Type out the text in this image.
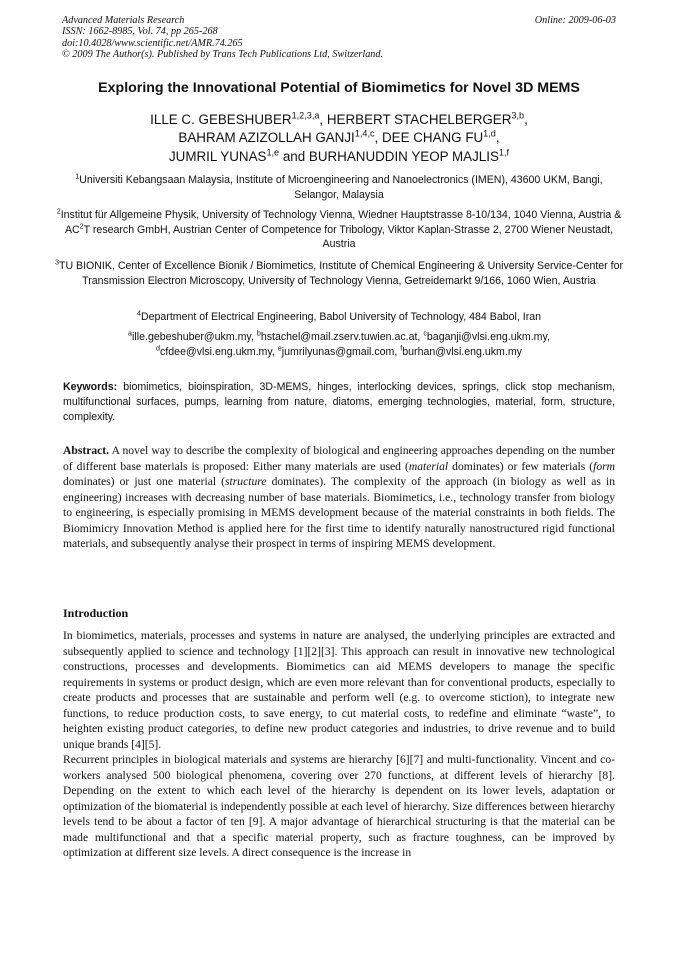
Advanced Materials Research	Online: 2009-06-03
ISSN: 1662-8985, Vol. 74, pp 265-268
doi:10.4028/www.scientific.net/AMR.74.265
© 2009 The Author(s). Published by Trans Tech Publications Ltd, Switzerland.
Exploring the Innovational Potential of Biomimetics for Novel 3D MEMS
ILLE C. GEBESHUBER$^{1,2,3,a}$, HERBERT STACHELBERGER$^{3,b}$,
BAHRAM AZIZOLLAH GANJI$^{1,4,c}$, DEE CHANG FU$^{1,d}$,
JUMRIL YUNAS$^{1,e}$ and BURHANUDDIN YEOP MAJLIS$^{1,f}$
$^1$Universiti Kebangsaan Malaysia, Institute of Microengineering and Nanoelectronics (IMEN), 43600 UKM, Bangi, Selangor, Malaysia
$^2$Institut für Allgemeine Physik, University of Technology Vienna, Wiedner Hauptstrasse 8-10/134, 1040 Vienna, Austria & $AC^2T$ research GmbH, Austrian Center of Competence for Tribology, Viktor Kaplan-Strasse 2, 2700 Wiener Neustadt, Austria
$^3$TU BIONIK, Center of Excellence Bionik / Biomimetics, Institute of Chemical Engineering & University Service-Center for Transmission Electron Microscopy, University of Technology Vienna, Getreidemarkt 9/166, 1060 Wien, Austria
$^4$Department of Electrical Engineering, Babol University of Technology, 484 Babol, Iran
$^a$ille.gebeshuber@ukm.my, $^b$hstachel@mail.zserv.tuwien.ac.at, $^c$baganji@vlsi.eng.ukm.my,
$^d$cfdee@vlsi.eng.ukm.my, $^e$jumrilyunas@gmail.com, $^f$burhan@vlsi.eng.ukm.my
Keywords: biomimetics, bioinspiration, 3D-MEMS, hinges, interlocking devices, springs, click stop mechanism, multifunctional surfaces, pumps, learning from nature, diatoms, emerging technologies, material, form, structure, complexity.
Abstract. A novel way to describe the complexity of biological and engineering approaches depending on the number of different base materials is proposed: Either many materials are used (material dominates) or few materials (form dominates) or just one material (structure dominates). The complexity of the approach (in biology as well as in engineering) increases with decreasing number of base materials. Biomimetics, i.e., technology transfer from biology to engineering, is especially promising in MEMS development because of the material constraints in both fields. The Biomimicry Innovation Method is applied here for the first time to identify naturally nanostructured rigid functional materials, and subsequently analyse their prospect in terms of inspiring MEMS development.
Introduction

In biomimetics, materials, processes and systems in nature are analysed, the underlying principles are extracted and subsequently applied to science and technology [1][2][3]. This approach can result in innovative new technological constructions, processes and developments. Biomimetics can aid MEMS developers to manage the specific requirements in systems or product design, which are even more relevant than for conventional products, especially to create products and processes that are sustainable and perform well (e.g. to overcome stiction), to integrate new functions, to reduce production costs, to save energy, to cut material costs, to redefine and eliminate “waste”, to heighten existing product categories, to define new product categories and industries, to drive revenue and to build unique brands [4][5].

Recurrent principles in biological materials and systems are hierarchy [6][7] and multi-functionality. Vincent and co-workers analysed 500 biological phenomena, covering over 270 functions, at different levels of hierarchy [8]. Depending on the extent to which each level of the hierarchy is dependent on its lower levels, adaptation or optimization of the biomaterial is independently possible at each level of hierarchy. Size differences between hierarchy levels tend to be about a factor of ten [9]. A major advantage of hierarchical structuring is that the material can be made multifunctional and that a specific material property, such as fracture toughness, can be improved by optimization at different size levels. A direct consequence is the increase in
